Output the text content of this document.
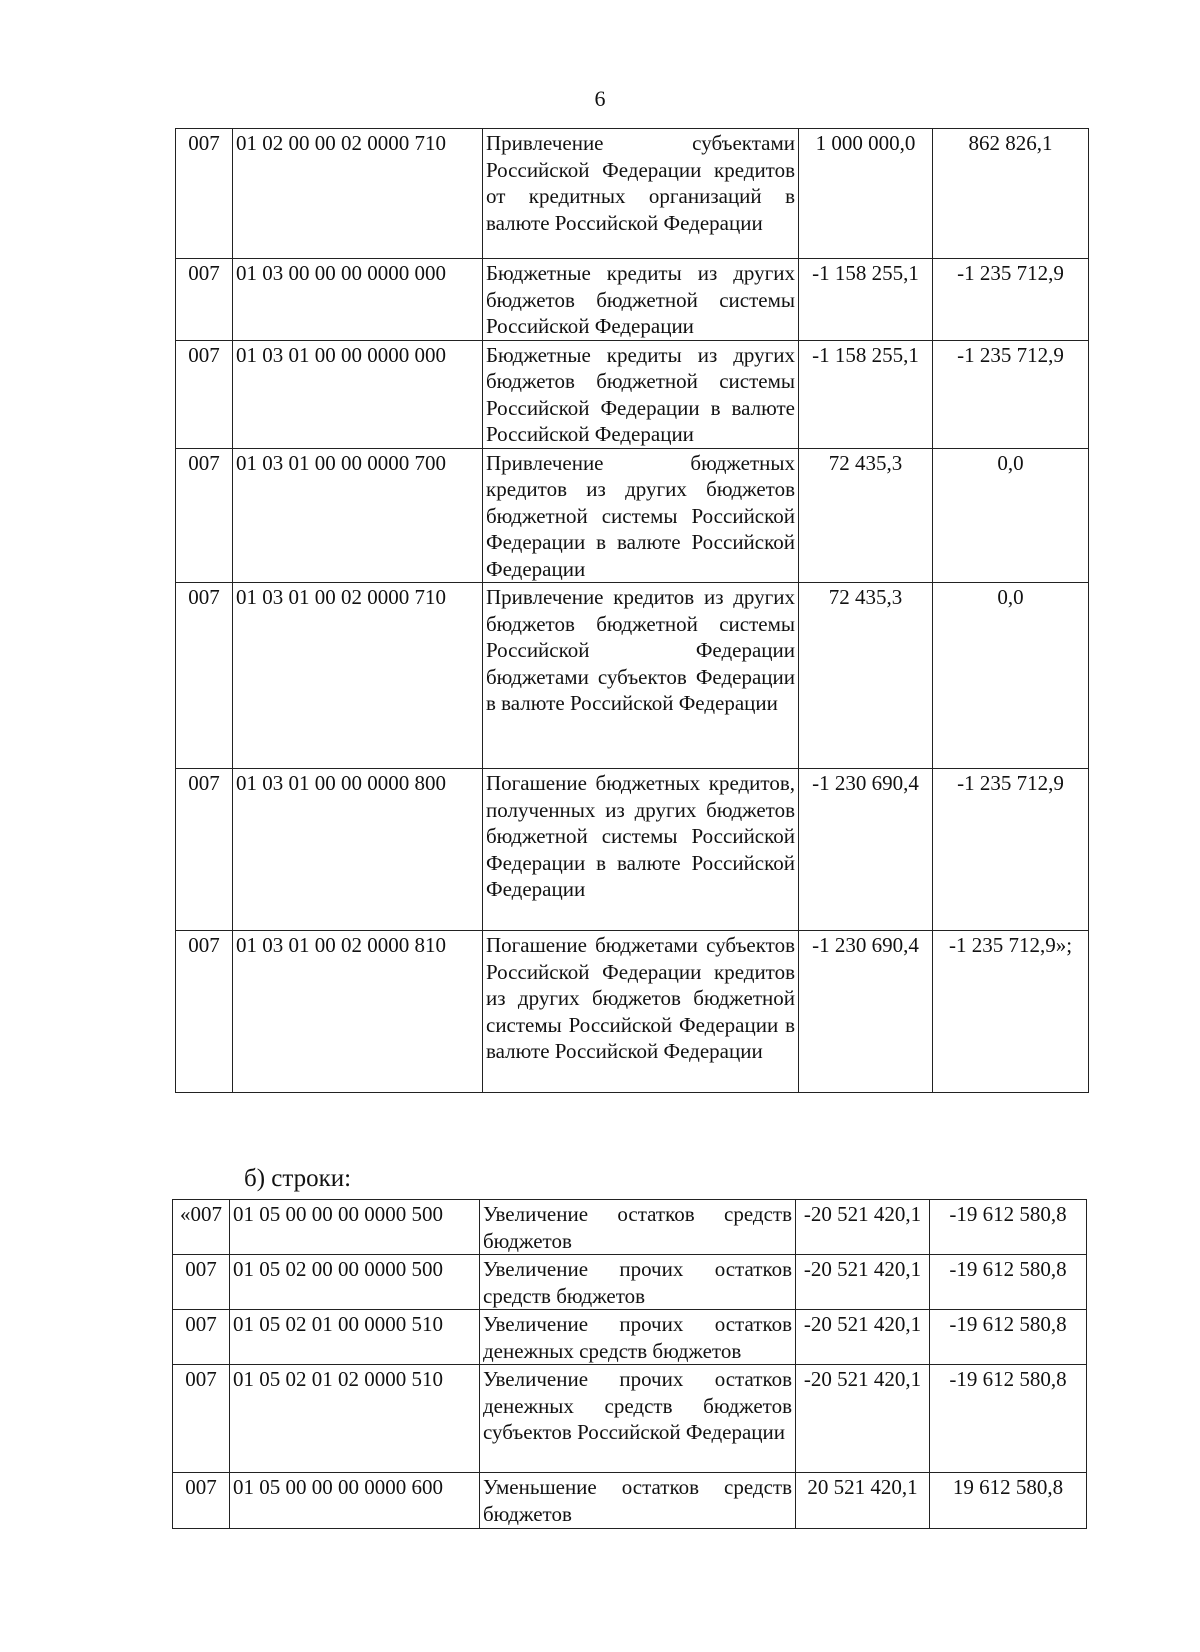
6
007	01 02 00 00 02 0000 710	Привлечение субъектами Российской Федерации кредитов от кредитных организаций в валюте Российской Федерации	1 000 000,0	862 826,1
007	01 03 00 00 00 0000 000	Бюджетные кредиты из других бюджетов бюджетной системы Российской Федерации	-1 158 255,1	-1 235 712,9
007	01 03 01 00 00 0000 000	Бюджетные кредиты из других бюджетов бюджетной системы Российской Федерации в валюте Российской Федерации	-1 158 255,1	-1 235 712,9
007	01 03 01 00 00 0000 700	Привлечение бюджетных кредитов из других бюджетов бюджетной системы Российской Федерации в валюте Российской Федерации	72 435,3	0,0
007	01 03 01 00 02 0000 710	Привлечение кредитов из других бюджетов бюджетной системы Российской Федерации бюджетами субъектов Федерации в валюте Российской Федерации	72 435,3	0,0
007	01 03 01 00 00 0000 800	Погашение бюджетных кредитов, полученных из других бюджетов бюджетной системы Российской Федерации в валюте Российской Федерации	-1 230 690,4	-1 235 712,9
007	01 03 01 00 02 0000 810	Погашение бюджетами субъектов Российской Федерации кредитов из других бюджетов бюджетной системы Российской Федерации в валюте Российской Федерации	-1 230 690,4	-1 235 712,9»;
б) строки:
«007	01 05 00 00 00 0000 500	Увеличение остатков средств бюджетов	-20 521 420,1	-19 612 580,8
007	01 05 02 00 00 0000 500	Увеличение прочих остатков средств бюджетов	-20 521 420,1	-19 612 580,8
007	01 05 02 01 00 0000 510	Увеличение прочих остатков денежных средств бюджетов	-20 521 420,1	-19 612 580,8
007	01 05 02 01 02 0000 510	Увеличение прочих остатков денежных средств бюджетов субъектов Российской Федерации	-20 521 420,1	-19 612 580,8
007	01 05 00 00 00 0000 600	Уменьшение остатков средств бюджетов	20 521 420,1	19 612 580,8
